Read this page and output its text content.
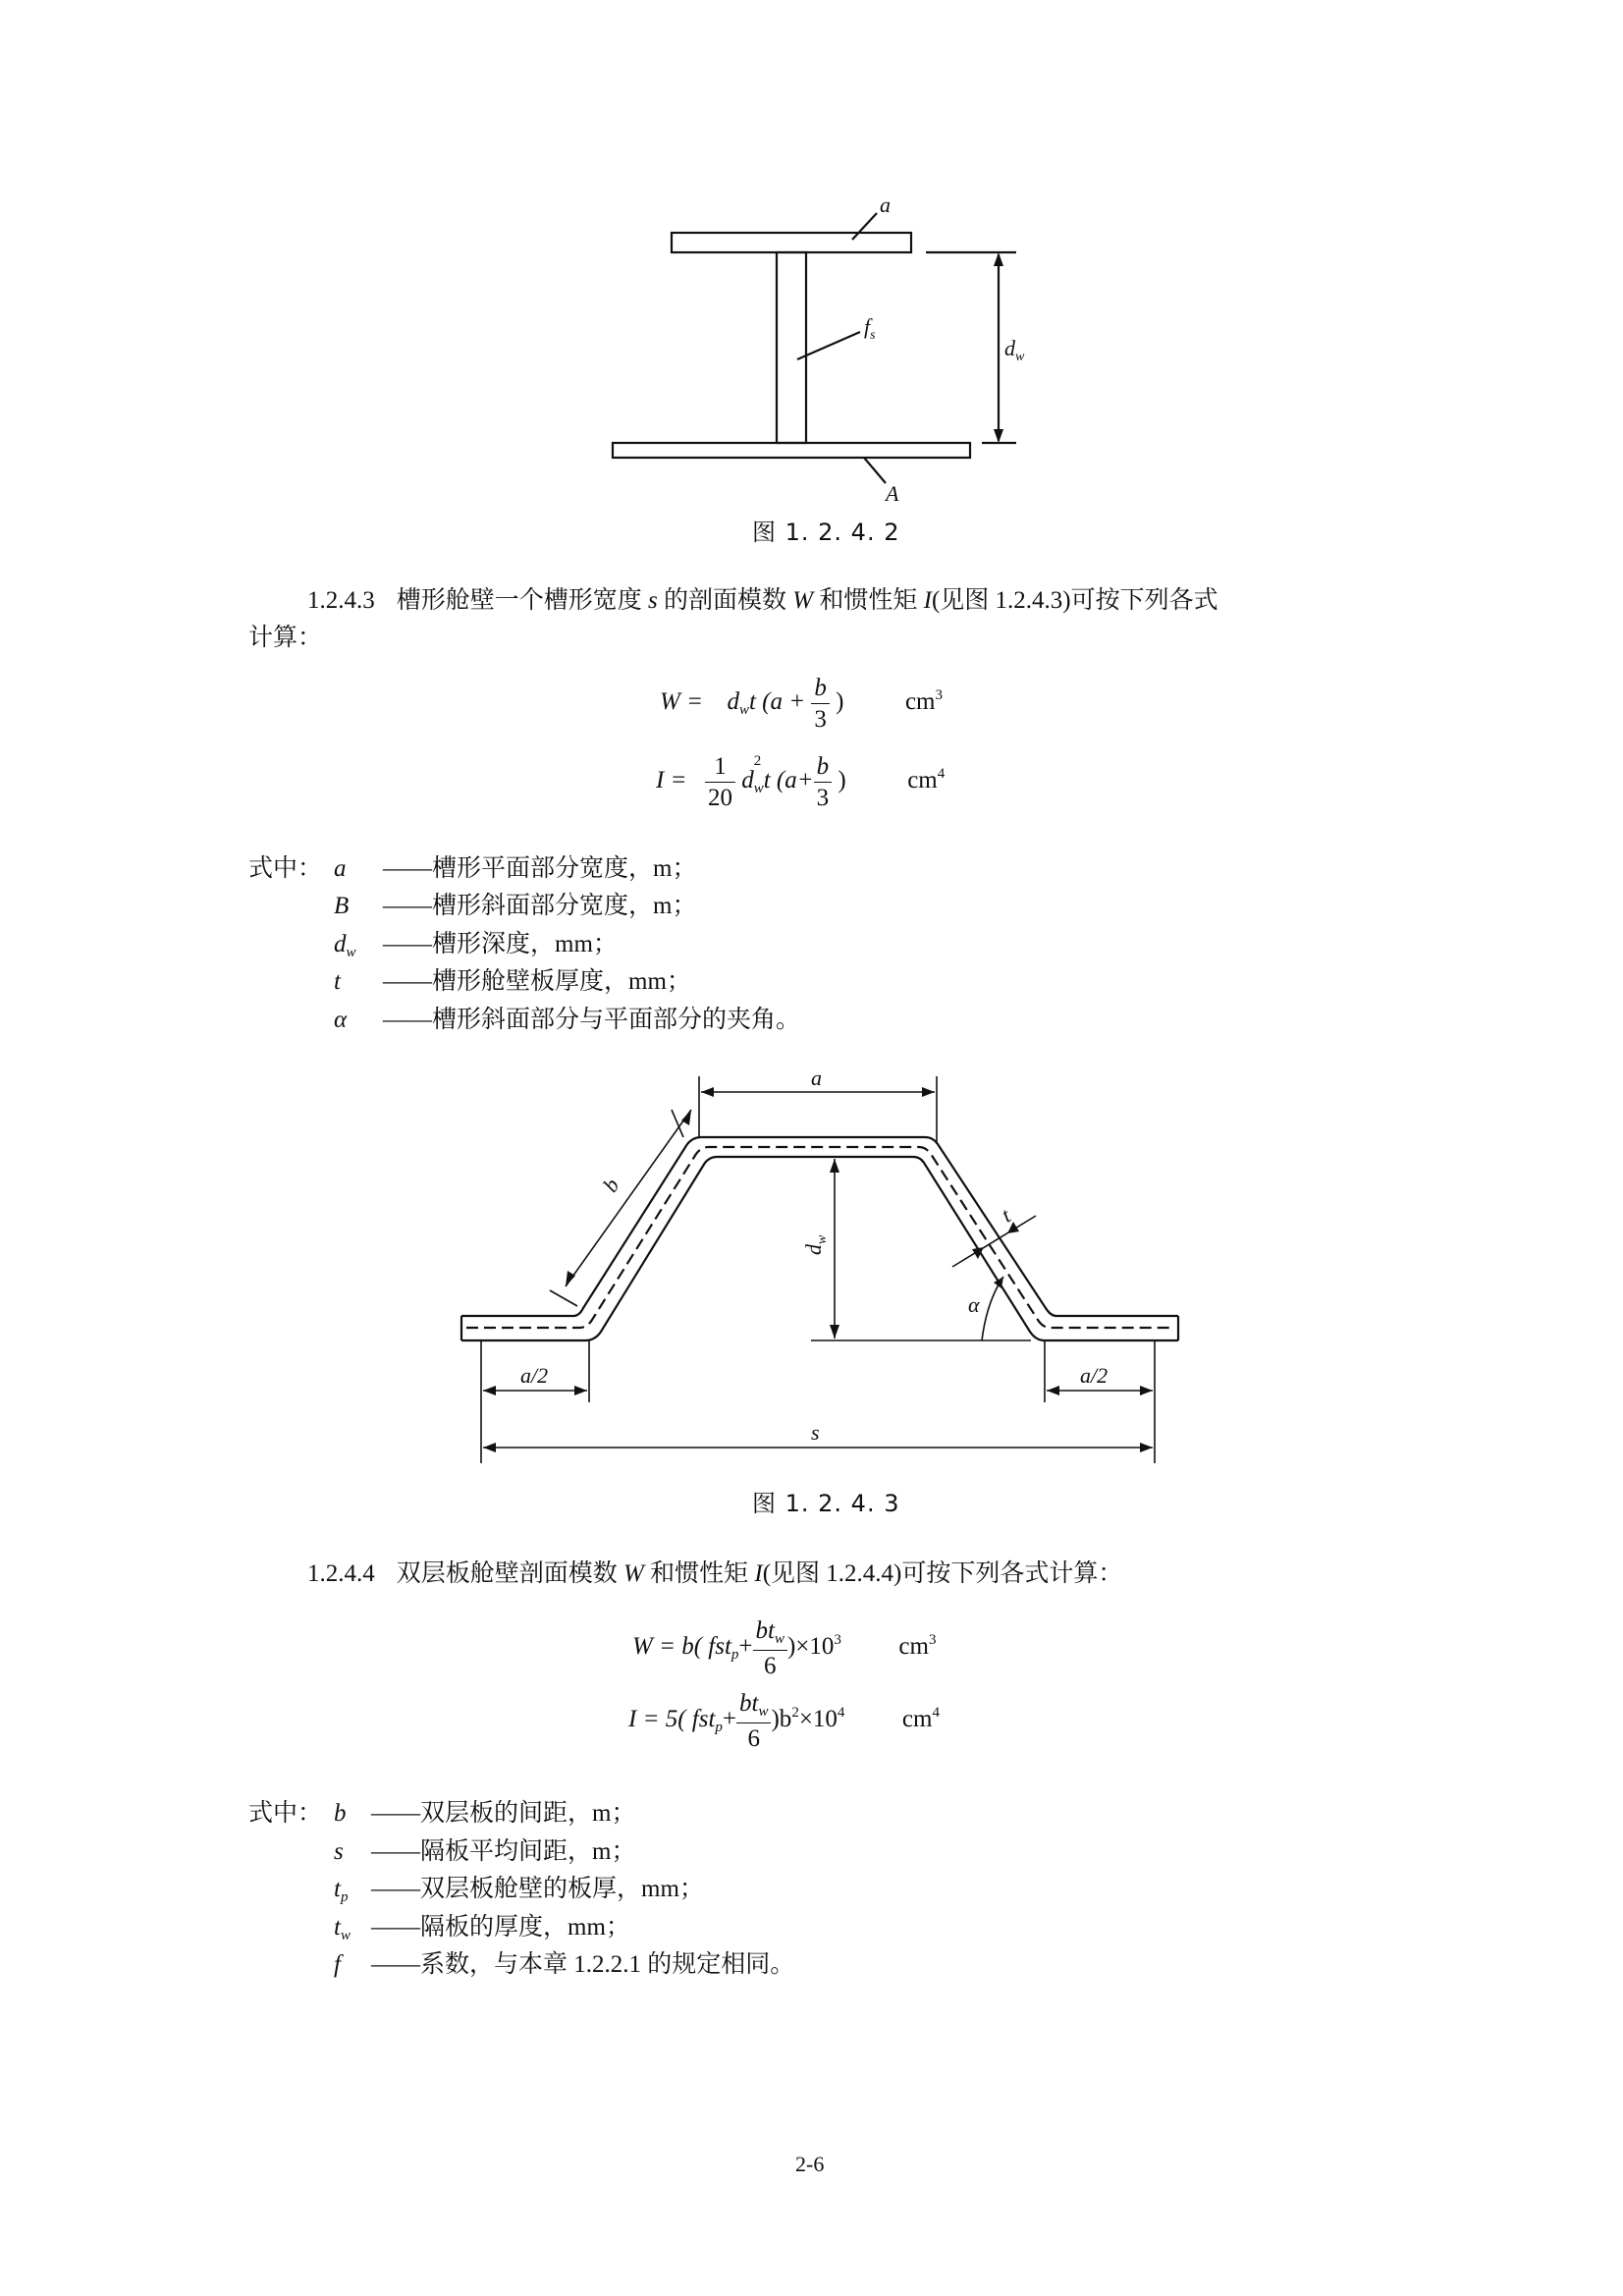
a
$f_s$
$d_w$
A
图 1. 2. 4. 2
1.2.4.3 槽形舱壁一个槽形宽度 s 的剖面模数 W 和惯性矩 I(见图 1.2.4.3)可按下列各式
计算：
$W = d_wt$ ($a + \frac{b}{3}$ )	$cm^3$
$I = \frac{1}{20}$ d
2
$_w$t ($a+ \frac{b}{3}$ )	$cm^4$
式中： a ——槽形平面部分宽度，m；
B ——槽形斜面部分宽度，m；
$d_w$ ——槽形深度，mm；
t ——槽形舱壁板厚度，mm；
α ——槽形斜面部分与平面部分的夹角。
a
b
$d_w$
t
α
a/2	a/2
s
图 1. 2. 4. 3
1.2.4.4 双层板舱壁剖面模数 W 和惯性矩 I(见图 1.2.4.4)可按下列各式计算：
W = b( $fst_p+ \frac{bt_w}{6} )\times 10^3$ $cm^3$
I = 5( $fst_p+ \frac{bt_w}{6} )b^2\times 10^4$ $cm^4$
式中： b ——双层板的间距，m；
s ——隔板平均间距，m；
$t_p$ ——双层板舱壁的板厚，mm；
$t_w$ ——隔板的厚度，mm；
f ——系数，与本章 1.2.2.1 的规定相同。
2-6
